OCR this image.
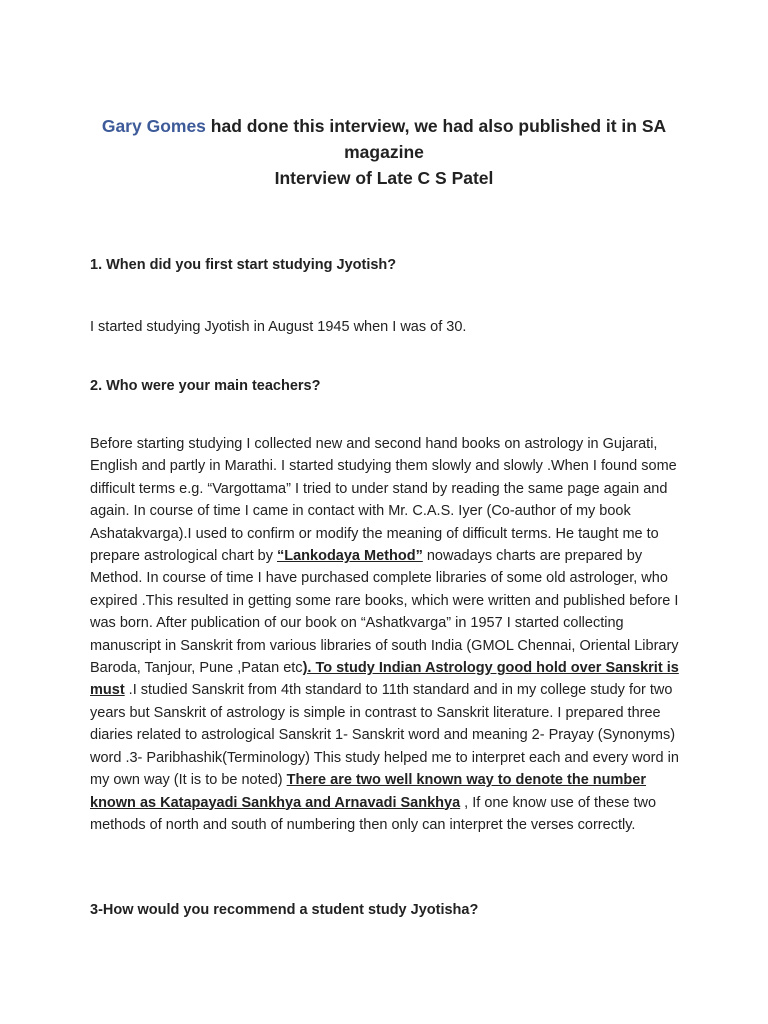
Gary Gomes had done this interview, we had also published it in SA magazine
Interview of Late C S Patel
1. When did you first start studying Jyotish?
I started studying Jyotish in August 1945 when I was of 30.
2. Who were your main teachers?
Before starting studying I collected new and second hand books on astrology in Gujarati, English and partly in Marathi. I started studying them slowly and slowly .When I found some difficult terms e.g. “Vargottama” I tried to under stand by reading the same page again and again. In course of time I came in contact with Mr. C.A.S. Iyer (Co-author of my book Ashatakvarga).I used to confirm or modify the meaning of difficult terms. He taught me to prepare astrological chart by “Lankodaya Method” nowadays charts are prepared by Method. In course of time I have purchased complete libraries of some old astrologer, who expired .This resulted in getting some rare books, which were written and published before I was born. After publication of our book on “Ashatkvarga” in 1957 I started collecting manuscript in Sanskrit from various libraries of south India (GMOL Chennai, Oriental Library Baroda, Tanjour, Pune ,Patan etc). To study Indian Astrology good hold over Sanskrit is must .I studied Sanskrit from 4th standard to 11th standard and in my college study for two years but Sanskrit of astrology is simple in contrast to Sanskrit literature. I prepared three diaries related to astrological Sanskrit 1- Sanskrit word and meaning 2- Prayay (Synonyms) word .3- Paribhashik(Terminology) This study helped me to interpret each and every word in my own way (It is to be noted) There are two well known way to denote the number known as Katapayadi Sankhya and Arnavadi Sankhya , If one know use of these two methods of north and south of numbering then only can interpret the verses correctly.
3-How would you recommend a student study Jyotisha?
